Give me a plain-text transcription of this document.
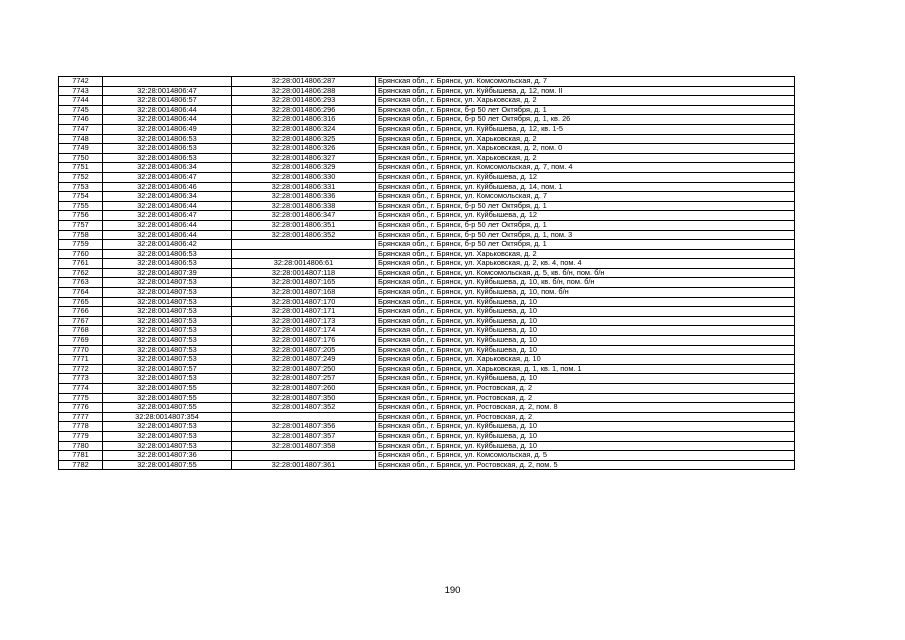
7742		32:28:0014806:287	Брянская обл., г. Брянск, ул. Комсомольская, д. 7
7743	32:28:0014806:47	32:28:0014806:288	Брянская обл., г. Брянск, ул. Куйбышева, д. 12, пом. II
7744	32:28:0014806:57	32:28:0014806:293	Брянская обл., г. Брянск, ул. Харьковская, д. 2
7745	32:28:0014806:44	32:28:0014806:296	Брянская обл., г. Брянск, б-р 50 лет Октября, д. 1
7746	32:28:0014806:44	32:28:0014806:316	Брянская обл., г. Брянск, б-р 50 лет Октября, д. 1, кв. 26
7747	32:28:0014806:49	32:28:0014806:324	Брянская обл., г. Брянск, ул. Куйбышева, д. 12, кв. 1-5
7748	32:28:0014806:53	32:28:0014806:325	Брянская обл., г. Брянск, ул. Харьковская, д. 2
7749	32:28:0014806:53	32:28:0014806:326	Брянская обл., г. Брянск, ул. Харьковская, д. 2, пом. 0
7750	32:28:0014806:53	32:28:0014806:327	Брянская обл., г. Брянск, ул. Харьковская, д. 2
7751	32:28:0014806:34	32:28:0014806:329	Брянская обл., г. Брянск, ул. Комсомольская, д. 7, пом. 4
7752	32:28:0014806:47	32:28:0014806:330	Брянская обл., г. Брянск, ул. Куйбышева, д. 12
7753	32:28:0014806:46	32:28:0014806:331	Брянская обл., г. Брянск, ул. Куйбышева, д. 14, пом. 1
7754	32:28:0014806:34	32:28:0014806:336	Брянская обл., г. Брянск, ул. Комсомольская, д. 7
7755	32:28:0014806:44	32:28:0014806:338	Брянская обл., г. Брянск, б-р 50 лет Октября, д. 1
7756	32:28:0014806:47	32:28:0014806:347	Брянская обл., г. Брянск, ул. Куйбышева, д. 12
7757	32:28:0014806:44	32:28:0014806:351	Брянская обл., г. Брянск, б-р 50 лет Октября, д. 1
7758	32:28:0014806:44	32:28:0014806:352	Брянская обл., г. Брянск, б-р 50 лет Октября, д. 1, пом. 3
7759	32:28:0014806:42		Брянская обл., г. Брянск, б-р 50 лет Октября, д. 1
7760	32:28:0014806:53		Брянская обл., г. Брянск, ул. Харьковская, д. 2
7761	32:28:0014806:53	32:28:0014806:61	Брянская обл., г. Брянск, ул. Харьковская, д. 2, кв. 4, пом. 4
7762	32:28:0014807:39	32:28:0014807:118	Брянская обл., г. Брянск, ул. Комсомольская, д. 5, кв. б/н, пом. б/н
7763	32:28:0014807:53	32:28:0014807:165	Брянская обл., г. Брянск, ул. Куйбышева, д. 10, кв. б/н, пом. б/н
7764	32:28:0014807:53	32:28:0014807:168	Брянская обл., г. Брянск, ул. Куйбышева, д. 10, пом. б/н
7765	32:28:0014807:53	32:28:0014807:170	Брянская обл., г. Брянск, ул. Куйбышева, д. 10
7766	32:28:0014807:53	32:28:0014807:171	Брянская обл., г. Брянск, ул. Куйбышева, д. 10
7767	32:28:0014807:53	32:28:0014807:173	Брянская обл., г. Брянск, ул. Куйбышева, д. 10
7768	32:28:0014807:53	32:28:0014807:174	Брянская обл., г. Брянск, ул. Куйбышева, д. 10
7769	32:28:0014807:53	32:28:0014807:176	Брянская обл., г. Брянск, ул. Куйбышева, д. 10
7770	32:28:0014807:53	32:28:0014807:205	Брянская обл., г. Брянск, ул. Куйбышева, д. 10
7771	32:28:0014807:53	32:28:0014807:249	Брянская обл., г. Брянск, ул. Харьковская, д. 10
7772	32:28:0014807:57	32:28:0014807:250	Брянская обл., г. Брянск, ул. Харьковская, д. 1, кв. 1, пом. 1
7773	32:28:0014807:53	32:28:0014807:257	Брянская обл., г. Брянск, ул. Куйбышева, д. 10
7774	32:28:0014807:55	32:28:0014807:260	Брянская обл., г. Брянск, ул. Ростовская, д. 2
7775	32:28:0014807:55	32:28:0014807:350	Брянская обл., г. Брянск, ул. Ростовская, д. 2
7776	32:28:0014807:55	32:28:0014807:352	Брянская обл., г. Брянск, ул. Ростовская, д. 2, пом. 8
7777	32:28:0014807:354		Брянская обл., г. Брянск, ул. Ростовская, д. 2
7778	32:28:0014807:53	32:28:0014807:356	Брянская обл., г. Брянск, ул. Куйбышева, д. 10
7779	32:28:0014807:53	32:28:0014807:357	Брянская обл., г. Брянск, ул. Куйбышева, д. 10
7780	32:28:0014807:53	32:28:0014807:358	Брянская обл., г. Брянск, ул. Куйбышева, д. 10
7781	32:28:0014807:36		Брянская обл., г. Брянск, ул. Комсомольская, д. 5
7782	32:28:0014807:55	32:28:0014807:361	Брянская обл., г. Брянск, ул. Ростовская, д. 2, пом. 5
190
